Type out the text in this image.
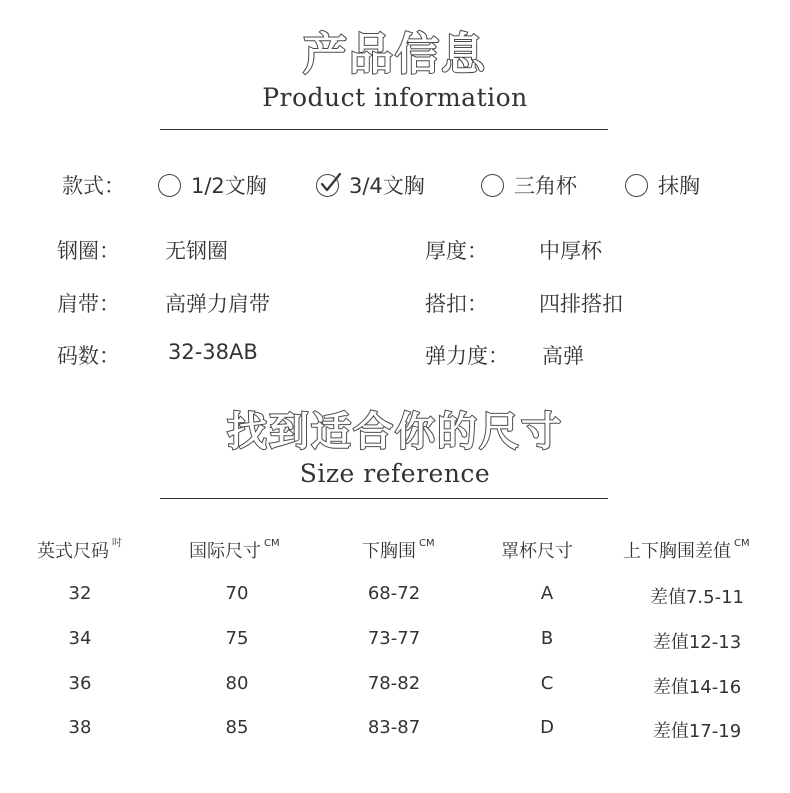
产品信息
Product information
款式：	1/2文胸	3/4文胸	三角杯	抹胸
钢圈： 无钢圈	厚度： 中厚杯
肩带： 高弹力肩带	搭扣： 四排搭扣
码数： 32-38AB	弹力度： 高弹
找到适合你的尺寸
Size reference
英式尺码 $^吋$	国际尺寸 $^{CM}$	下胸围 $^{CM}$	罩杯尺寸	上下胸围差值 $^{CM}$
32	70	68-72	A	差值7.5-11
34	75	73-77	B	差值12-13
36	80	78-82	C	差值14-16
38	85	83-87	D	差值17-19
